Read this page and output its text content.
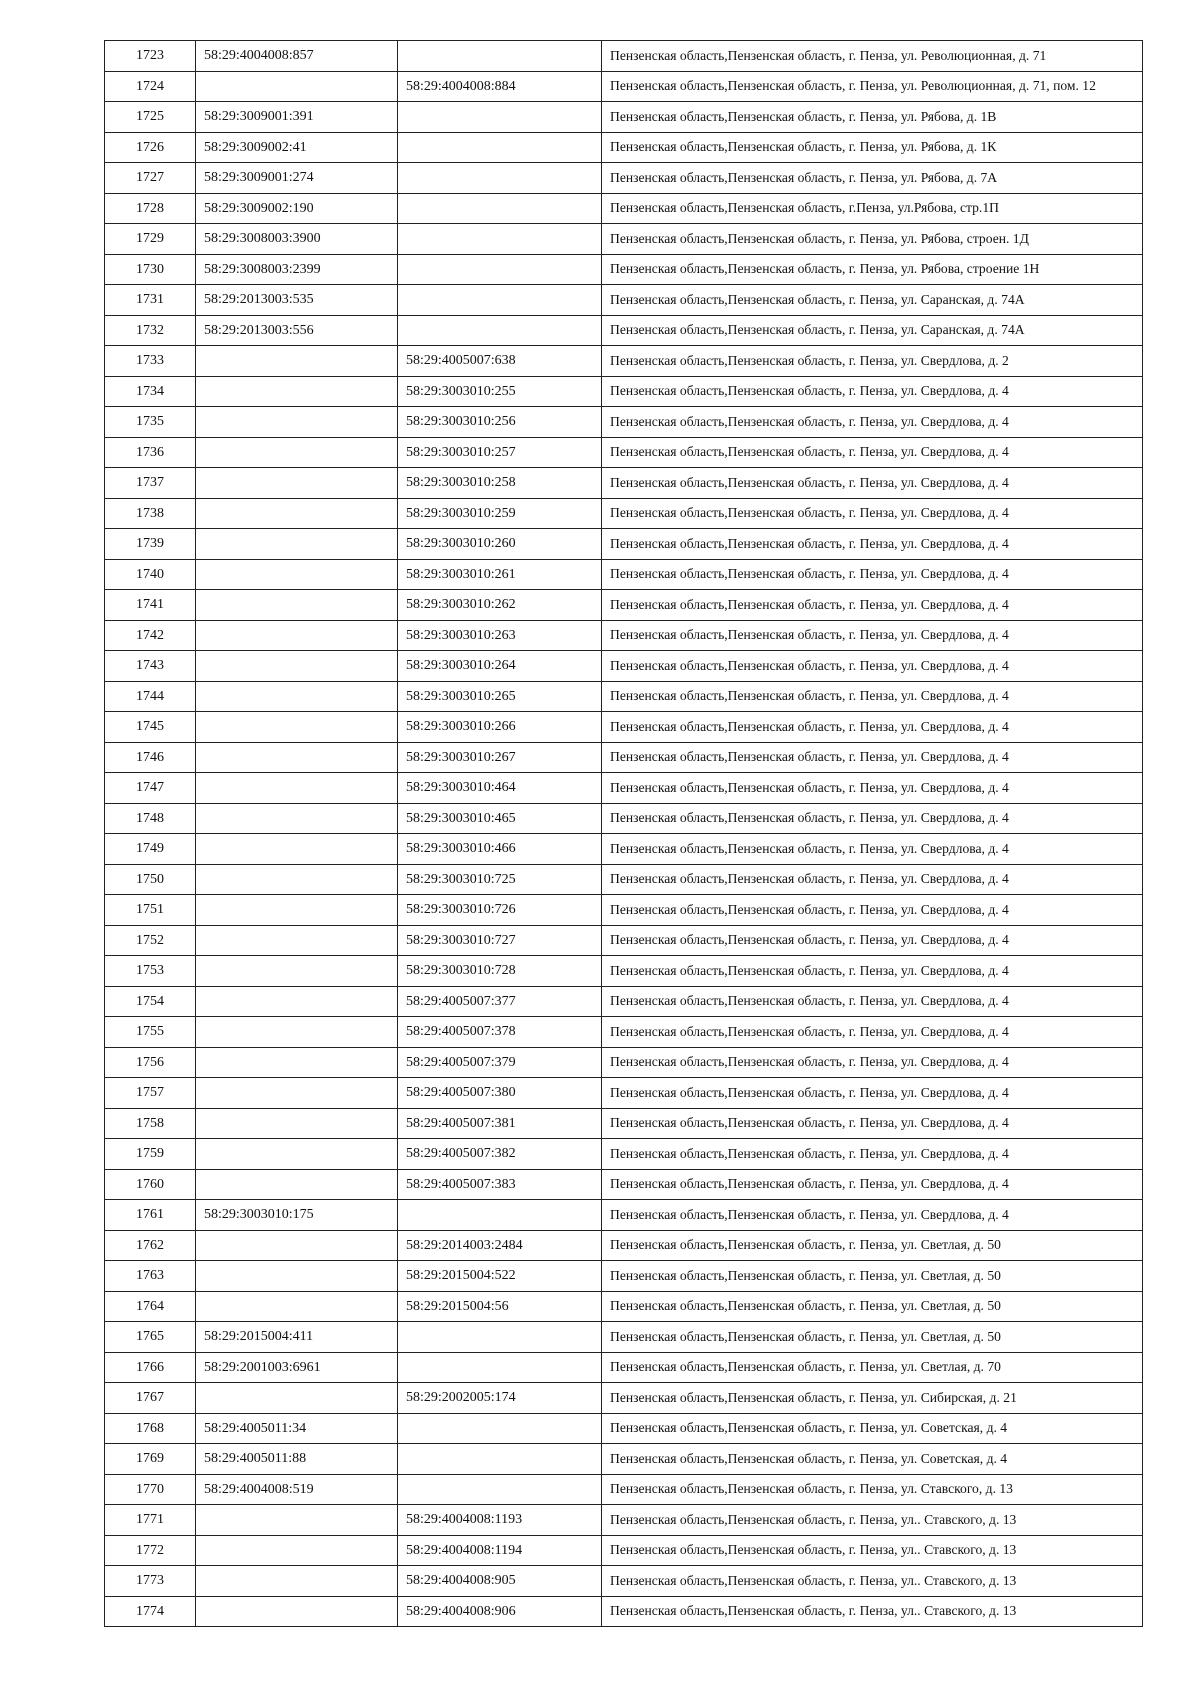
1723	58:29:4004008:857		Пензенская область,Пензенская область, г. Пенза, ул. Революционная, д. 71
1724		58:29:4004008:884	Пензенская область,Пензенская область, г. Пенза, ул. Революционная, д. 71, пом. 12
1725	58:29:3009001:391		Пензенская область,Пензенская область, г. Пенза, ул. Рябова, д. 1В
1726	58:29:3009002:41		Пензенская область,Пензенская область, г. Пенза, ул. Рябова, д. 1К
1727	58:29:3009001:274		Пензенская область,Пензенская область, г. Пенза, ул. Рябова, д. 7А
1728	58:29:3009002:190		Пензенская область,Пензенская область, г.Пенза, ул.Рябова, стр.1П
1729	58:29:3008003:3900		Пензенская область,Пензенская область, г. Пенза, ул. Рябова, строен. 1Д
1730	58:29:3008003:2399		Пензенская область,Пензенская область, г. Пенза, ул. Рябова, строение 1Н
1731	58:29:2013003:535		Пензенская область,Пензенская область, г. Пенза, ул. Саранская, д. 74А
1732	58:29:2013003:556		Пензенская область,Пензенская область, г. Пенза, ул. Саранская, д. 74А
1733		58:29:4005007:638	Пензенская область,Пензенская область, г. Пенза, ул. Свердлова, д. 2
1734		58:29:3003010:255	Пензенская область,Пензенская область, г. Пенза, ул. Свердлова, д. 4
1735		58:29:3003010:256	Пензенская область,Пензенская область, г. Пенза, ул. Свердлова, д. 4
1736		58:29:3003010:257	Пензенская область,Пензенская область, г. Пенза, ул. Свердлова, д. 4
1737		58:29:3003010:258	Пензенская область,Пензенская область, г. Пенза, ул. Свердлова, д. 4
1738		58:29:3003010:259	Пензенская область,Пензенская область, г. Пенза, ул. Свердлова, д. 4
1739		58:29:3003010:260	Пензенская область,Пензенская область, г. Пенза, ул. Свердлова, д. 4
1740		58:29:3003010:261	Пензенская область,Пензенская область, г. Пенза, ул. Свердлова, д. 4
1741		58:29:3003010:262	Пензенская область,Пензенская область, г. Пенза, ул. Свердлова, д. 4
1742		58:29:3003010:263	Пензенская область,Пензенская область, г. Пенза, ул. Свердлова, д. 4
1743		58:29:3003010:264	Пензенская область,Пензенская область, г. Пенза, ул. Свердлова, д. 4
1744		58:29:3003010:265	Пензенская область,Пензенская область, г. Пенза, ул. Свердлова, д. 4
1745		58:29:3003010:266	Пензенская область,Пензенская область, г. Пенза, ул. Свердлова, д. 4
1746		58:29:3003010:267	Пензенская область,Пензенская область, г. Пенза, ул. Свердлова, д. 4
1747		58:29:3003010:464	Пензенская область,Пензенская область, г. Пенза, ул. Свердлова, д. 4
1748		58:29:3003010:465	Пензенская область,Пензенская область, г. Пенза, ул. Свердлова, д. 4
1749		58:29:3003010:466	Пензенская область,Пензенская область, г. Пенза, ул. Свердлова, д. 4
1750		58:29:3003010:725	Пензенская область,Пензенская область, г. Пенза, ул. Свердлова, д. 4
1751		58:29:3003010:726	Пензенская область,Пензенская область, г. Пенза, ул. Свердлова, д. 4
1752		58:29:3003010:727	Пензенская область,Пензенская область, г. Пенза, ул. Свердлова, д. 4
1753		58:29:3003010:728	Пензенская область,Пензенская область, г. Пенза, ул. Свердлова, д. 4
1754		58:29:4005007:377	Пензенская область,Пензенская область, г. Пенза, ул. Свердлова, д. 4
1755		58:29:4005007:378	Пензенская область,Пензенская область, г. Пенза, ул. Свердлова, д. 4
1756		58:29:4005007:379	Пензенская область,Пензенская область, г. Пенза, ул. Свердлова, д. 4
1757		58:29:4005007:380	Пензенская область,Пензенская область, г. Пенза, ул. Свердлова, д. 4
1758		58:29:4005007:381	Пензенская область,Пензенская область, г. Пенза, ул. Свердлова, д. 4
1759		58:29:4005007:382	Пензенская область,Пензенская область, г. Пенза, ул. Свердлова, д. 4
1760		58:29:4005007:383	Пензенская область,Пензенская область, г. Пенза, ул. Свердлова, д. 4
1761	58:29:3003010:175		Пензенская область,Пензенская область, г. Пенза, ул. Свердлова, д. 4
1762		58:29:2014003:2484	Пензенская область,Пензенская область, г. Пенза, ул. Светлая, д. 50
1763		58:29:2015004:522	Пензенская область,Пензенская область, г. Пенза, ул. Светлая, д. 50
1764		58:29:2015004:56	Пензенская область,Пензенская область, г. Пенза, ул. Светлая, д. 50
1765	58:29:2015004:411		Пензенская область,Пензенская область, г. Пенза, ул. Светлая, д. 50
1766	58:29:2001003:6961		Пензенская область,Пензенская область, г. Пенза, ул. Светлая, д. 70
1767		58:29:2002005:174	Пензенская область,Пензенская область, г. Пенза, ул. Сибирская, д. 21
1768	58:29:4005011:34		Пензенская область,Пензенская область, г. Пенза, ул. Советская, д. 4
1769	58:29:4005011:88		Пензенская область,Пензенская область, г. Пенза, ул. Советская, д. 4
1770	58:29:4004008:519		Пензенская область,Пензенская область, г. Пенза, ул. Ставского, д. 13
1771		58:29:4004008:1193	Пензенская область,Пензенская область, г. Пенза, ул.. Ставского, д. 13
1772		58:29:4004008:1194	Пензенская область,Пензенская область, г. Пенза, ул.. Ставского, д. 13
1773		58:29:4004008:905	Пензенская область,Пензенская область, г. Пенза, ул.. Ставского, д. 13
1774		58:29:4004008:906	Пензенская область,Пензенская область, г. Пенза, ул.. Ставского, д. 13
